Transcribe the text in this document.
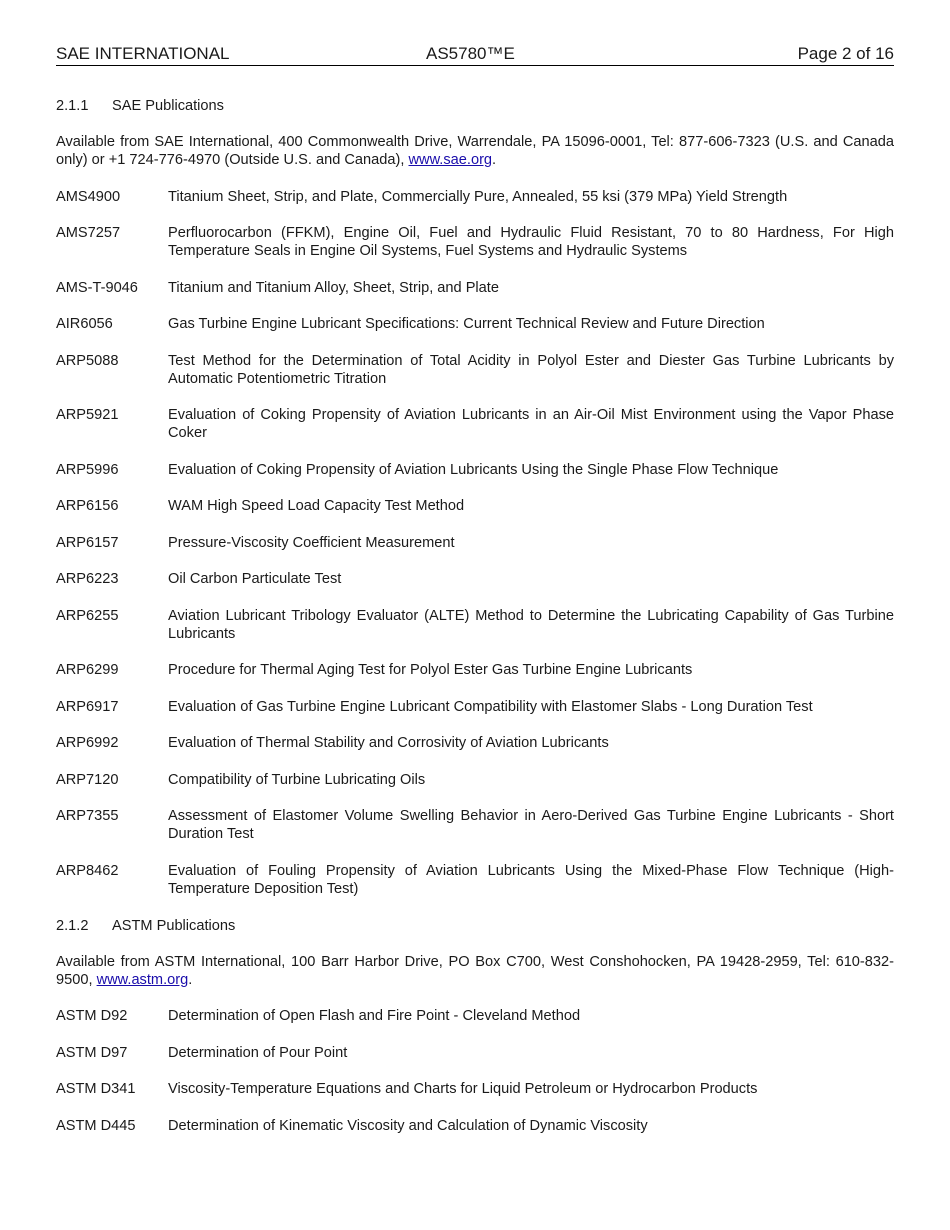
SAE INTERNATIONAL	AS5780™E	Page 2 of 16
2.1.1 SAE Publications

Available from SAE International, 400 Commonwealth Drive, Warrendale, PA 15096-0001, Tel: 877-606-7323 (U.S. and Canada only) or +1 724-776-4970 (Outside U.S. and Canada), www.sae.org.

AMS4900	Titanium Sheet, Strip, and Plate, Commercially Pure, Annealed, 55 ksi (379 MPa) Yield Strength
AMS7257	Perfluorocarbon (FFKM), Engine Oil, Fuel and Hydraulic Fluid Resistant, 70 to 80 Hardness, For High Temperature Seals in Engine Oil Systems, Fuel Systems and Hydraulic Systems
AMS-T-9046	Titanium and Titanium Alloy, Sheet, Strip, and Plate
AIR6056	Gas Turbine Engine Lubricant Specifications: Current Technical Review and Future Direction
ARP5088	Test Method for the Determination of Total Acidity in Polyol Ester and Diester Gas Turbine Lubricants by Automatic Potentiometric Titration
ARP5921	Evaluation of Coking Propensity of Aviation Lubricants in an Air-Oil Mist Environment using the Vapor Phase Coker
ARP5996	Evaluation of Coking Propensity of Aviation Lubricants Using the Single Phase Flow Technique
ARP6156	WAM High Speed Load Capacity Test Method
ARP6157	Pressure-Viscosity Coefficient Measurement
ARP6223	Oil Carbon Particulate Test
ARP6255	Aviation Lubricant Tribology Evaluator (ALTE) Method to Determine the Lubricating Capability of Gas Turbine Lubricants
ARP6299	Procedure for Thermal Aging Test for Polyol Ester Gas Turbine Engine Lubricants
ARP6917	Evaluation of Gas Turbine Engine Lubricant Compatibility with Elastomer Slabs - Long Duration Test
ARP6992	Evaluation of Thermal Stability and Corrosivity of Aviation Lubricants
ARP7120	Compatibility of Turbine Lubricating Oils
ARP7355	Assessment of Elastomer Volume Swelling Behavior in Aero-Derived Gas Turbine Engine Lubricants - Short Duration Test
ARP8462	Evaluation of Fouling Propensity of Aviation Lubricants Using the Mixed-Phase Flow Technique (High-Temperature Deposition Test)
2.1.2 ASTM Publications

Available from ASTM International, 100 Barr Harbor Drive, PO Box C700, West Conshohocken, PA 19428-2959, Tel: 610-832-9500, www.astm.org.

ASTM D92	Determination of Open Flash and Fire Point - Cleveland Method
ASTM D97	Determination of Pour Point
ASTM D341	Viscosity-Temperature Equations and Charts for Liquid Petroleum or Hydrocarbon Products
ASTM D445	Determination of Kinematic Viscosity and Calculation of Dynamic Viscosity
